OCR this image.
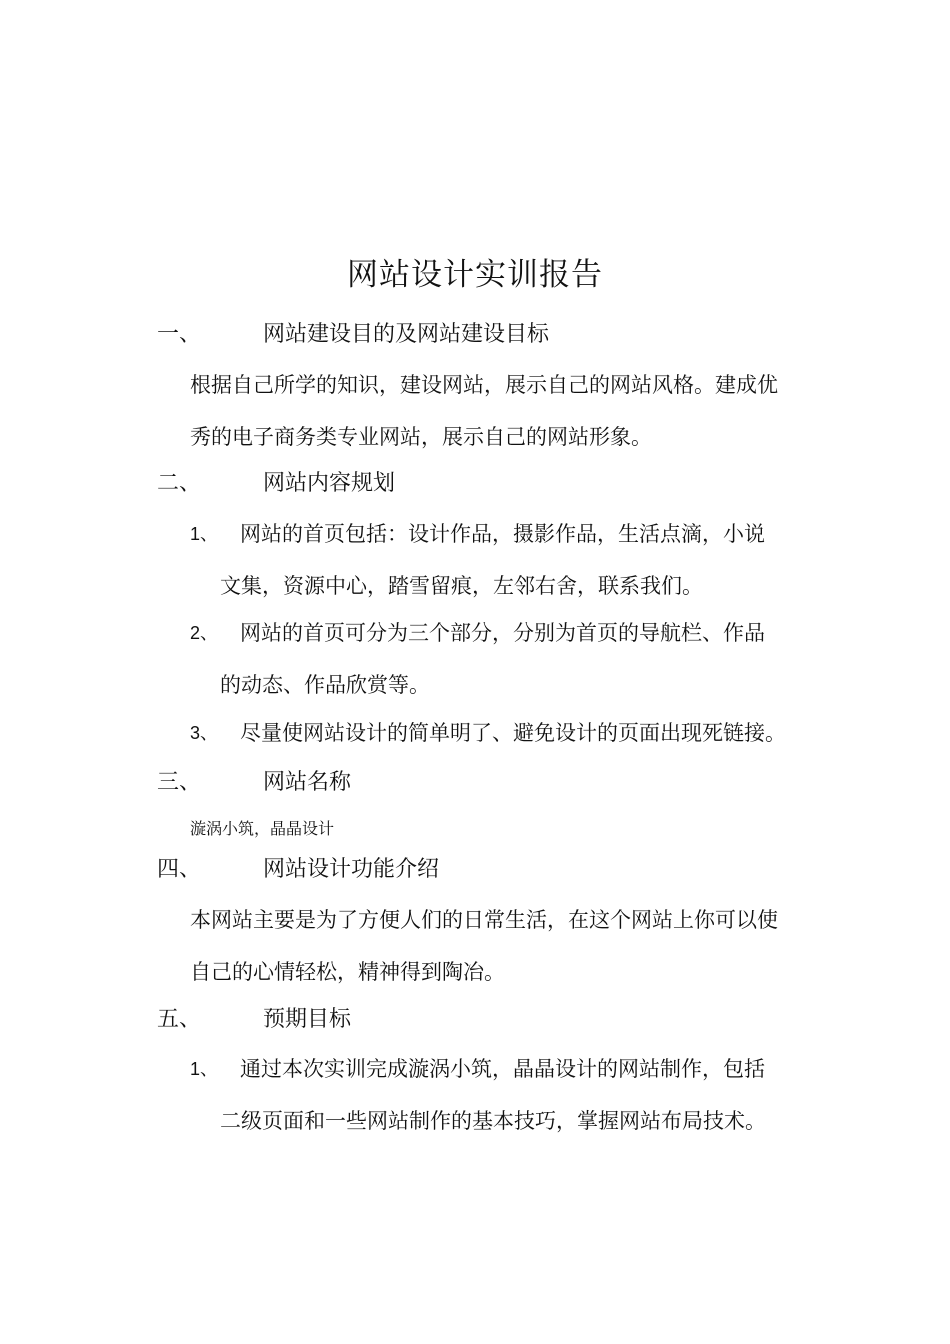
网站设计实训报告
一、	网站建设目的及网站建设目标
根据自己所学的知识，建设网站，展示自己的网站风格。建成优
秀的电子商务类专业网站，展示自己的网站形象。
二、	网站内容规划
1、	网站的首页包括：设计作品，摄影作品，生活点滴，小说
文集，资源中心，踏雪留痕，左邻右舍，联系我们。
2、	网站的首页可分为三个部分，分别为首页的导航栏、作品
的动态、作品欣赏等。
3、	尽量使网站设计的简单明了、避免设计的页面出现死链接。
三、	网站名称
漩涡小筑，晶晶设计
四、	网站设计功能介绍
本网站主要是为了方便人们的日常生活，在这个网站上你可以使
自己的心情轻松，精神得到陶冶。
五、	预期目标
1、	通过本次实训完成漩涡小筑，晶晶设计的网站制作，包括
二级页面和一些网站制作的基本技巧，掌握网站布局技术。
